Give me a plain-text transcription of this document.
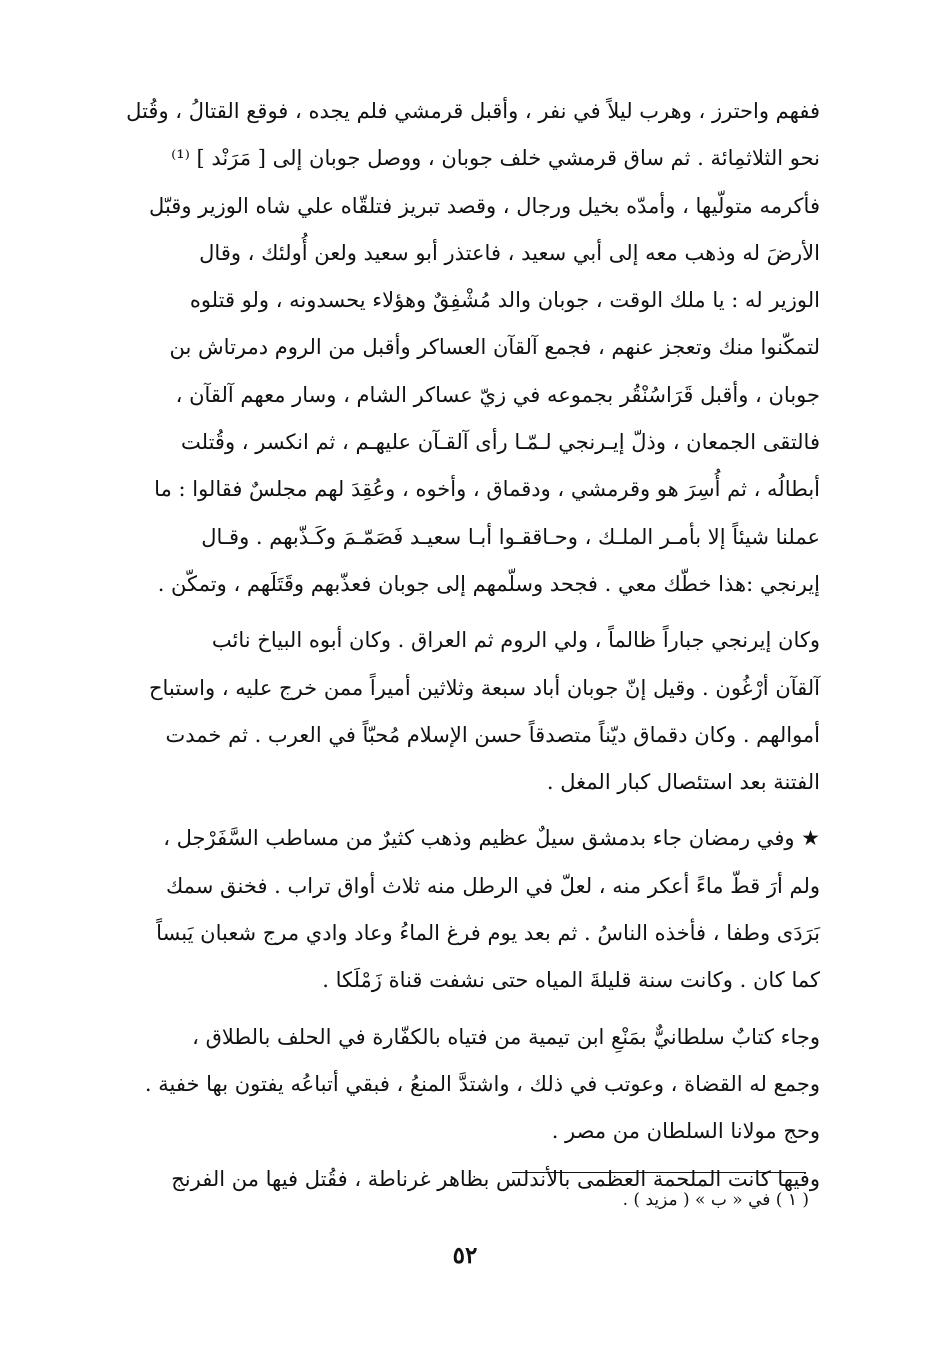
ففهم واحترز ، وهرب ليلاً في نفر ، وأقبل قرمشي فلم يجده ، فوقع القتالُ ، وقُتل

نحو الثلاثمِائة . ثم ساق قرمشي خلف جوبان ، ووصل جوبان إلى [ مَرَنْد ] ⁽¹⁾

فأكرمه متولّيها ، وأمدّه بخيل ورجال ، وقصد تبريز فتلقّاه علي شاه الوزير وقبّل

الأرضَ له وذهب معه إلى أبي سعيد ، فاعتذر أبو سعيد ولعن أُولئك ، وقال

الوزير له : يا ملك الوقت ، جوبان والد مُشْفِقٌ وهؤلاء يحسدونه ، ولو قتلوه

لتمكّنوا منك وتعجز عنهم ، فجمع آلقآن العساكر وأقبل من الروم دمرتاش بن

جوبان ، وأقبل قَرَاسُنْقُر بجموعه في زيّ عساكر الشام ، وسار معهم آلقآن ،

فالتقى الجمعان ، وذلّ إيـرنجي لـمّـا رأى آلقـآن عليهـم ، ثم انكسر ، وقُتلت

أبطالُه ، ثم أُسِرَ هو وقرمشي ، ودقماق ، وأخوه ، وعُقِدَ لهم مجلسٌ فقالوا : ما

عملنا شيئاً إلا بأمـر الملـك ، وحـاققـوا أبـا سعيـد فَصَمّـمَ وكَـذّبهم . وقـال

إيرنجي :هذا خطّك معي . فجحد وسلّمهم إلى جوبان فعذّبهم وقَتَلَهم ، وتمكّن .

وكان إيرنجي جباراً ظالماً ، ولي الروم ثم العراق . وكان أبوه البياخ نائب

آلقآن أرْغُون . وقيل إنّ جوبان أباد سبعة وثلاثين أميراً ممن خرج عليه ، واستباح

أموالهم . وكان دقماق ديّناً متصدقاً حسن الإسلام مُحبّاً في العرب . ثم خمدت

الفتنة بعد استئصال كبار المغل .

★ وفي رمضان جاء بدمشق سيلٌ عظيم وذهب كثيرٌ من مساطب السَّفَرْجل ،

ولم أرَ قطّ ماءً أعكر منه ، لعلّ في الرطل منه ثلاث أواق تراب . فخنق سمك

بَرَدَى وطفا ، فأخذه الناسُ . ثم بعد يوم فرغ الماءُ وعاد وادي مرج شعبان يَبساً

كما كان . وكانت سنة قليلةَ المياه حتى نشفت قناة زَمْلَكا .

وجاء كتابٌ سلطانيٌّ بمَنْعِ ابن تيمية من فتياه بالكفّارة في الحلف بالطلاق ،

وجمع له القضاة ، وعوتب في ذلك ، واشتدَّ المنعُ ، فبقي أتباعُه يفتون بها خفية .

وحج مولانا السلطان من مصر .

وفيها كانت الملحمة العظمى بالأندلس بظاهر غرناطة ، فقُتل فيها من الفرنج

( ١ ) في « ب » ( مزيد ) .

٥٢
